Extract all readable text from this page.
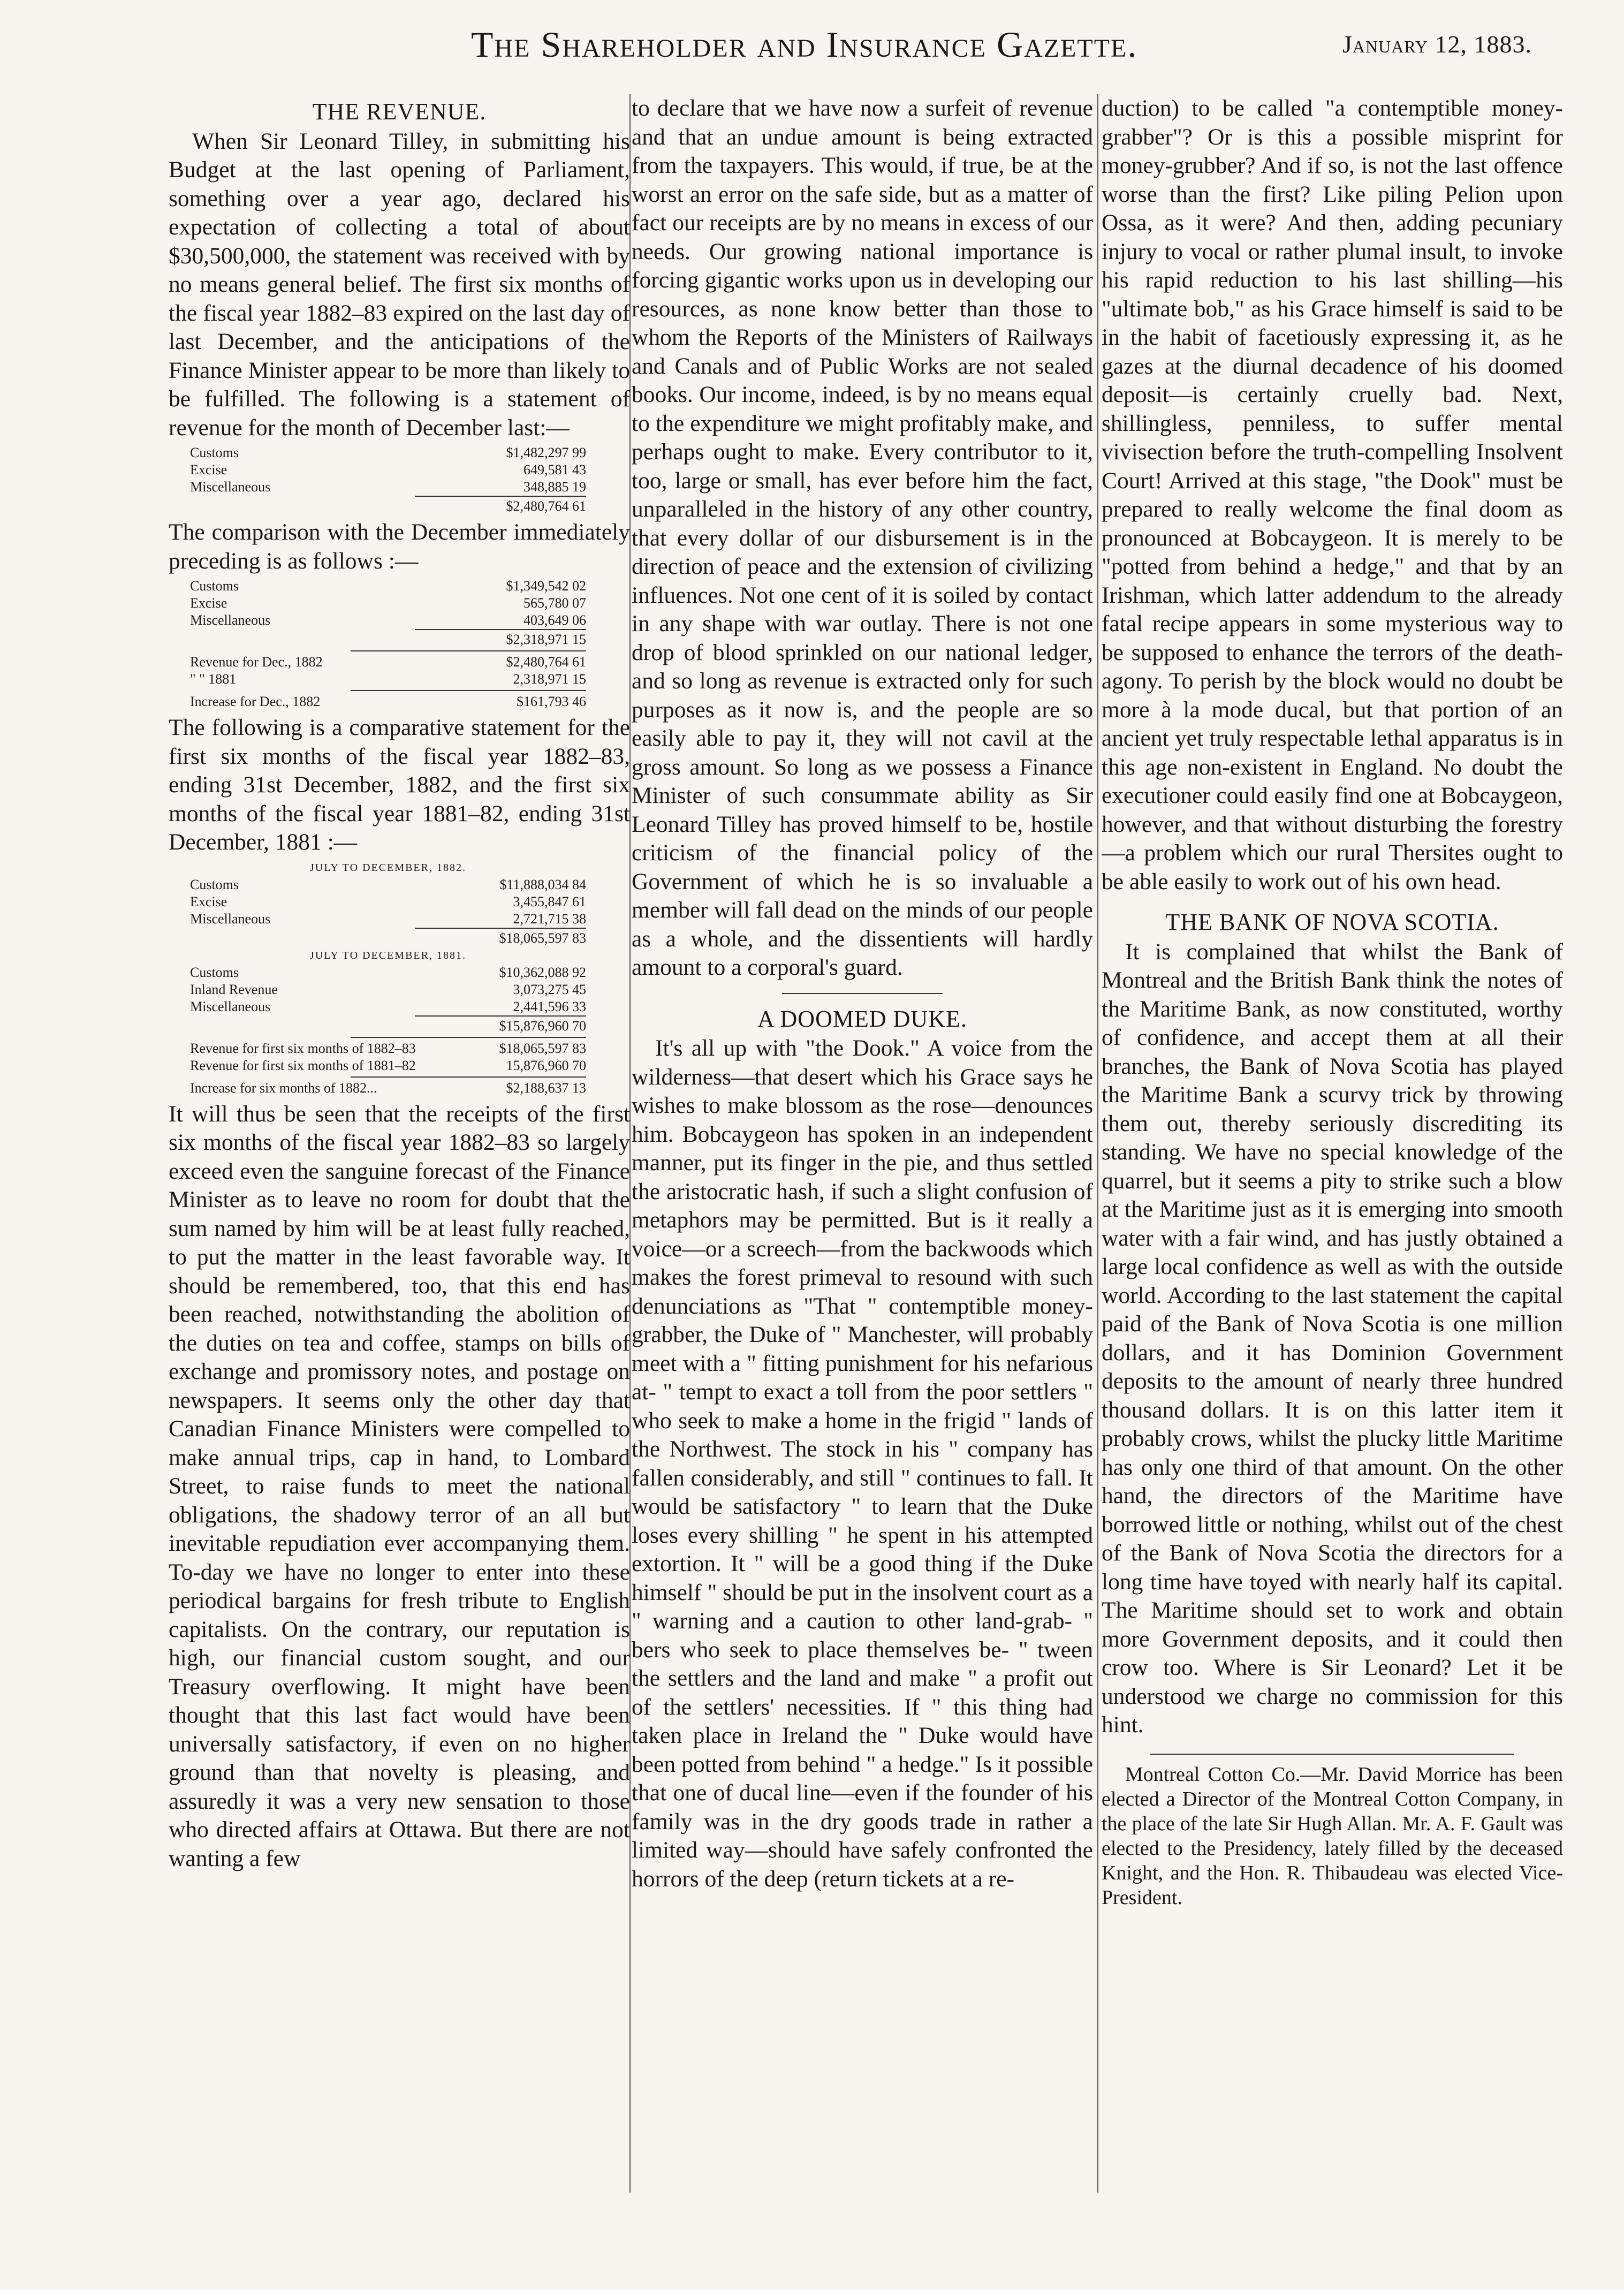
The Shareholder and Insurance Gazette.	January 12, 1883.
THE REVENUE.

When Sir Leonard Tilley, in submitting his Budget at the last opening of Parliament, something over a year ago, declared his expectation of collecting a total of about $30,500,000, the statement was received with by no means general belief. The first six months of the fiscal year 1882–83 expired on the last day of last December, and the anticipations of the Finance Minister appear to be more than likely to be fulfilled. The following is a statement of revenue for the month of December last:—

Customs	$1,482,297 99
Excise	649,581 43
Miscellaneous	348,885 19
$2,480,764 61

The comparison with the December immediately preceding is as follows :—

Customs	$1,349,542 02
Excise	565,780 07
Miscellaneous	403,649 06
$2,318,971 15
Revenue for Dec., 1882	$2,480,764 61
" " 1881	2,318,971 15
Increase for Dec., 1882	$161,793 46

The following is a comparative statement for the first six months of the fiscal year 1882–83, ending 31st December, 1882, and the first six months of the fiscal year 1881–82, ending 31st December, 1881 :—

JULY TO DECEMBER, 1882.
Customs	$11,888,034 84
Excise	3,455,847 61
Miscellaneous	2,721,715 38
$18,065,597 83
JULY TO DECEMBER, 1881.
Customs	$10,362,088 92
Inland Revenue	3,073,275 45
Miscellaneous	2,441,596 33
$15,876,960 70
Revenue for first six months of 1882–83	$18,065,597 83
Revenue for first six months of 1881–82	15,876,960 70
Increase for six months of 1882...	$2,188,637 13

It will thus be seen that the receipts of the first six months of the fiscal year 1882–83 so largely exceed even the sanguine forecast of the Finance Minister as to leave no room for doubt that the sum named by him will be at least fully reached, to put the matter in the least favorable way. It should be remembered, too, that this end has been reached, notwithstanding the abolition of the duties on tea and coffee, stamps on bills of exchange and promissory notes, and postage on newspapers. It seems only the other day that Canadian Finance Ministers were compelled to make annual trips, cap in hand, to Lombard Street, to raise funds to meet the national obligations, the shadowy terror of an all but inevitable repudiation ever accompanying them. To-day we have no longer to enter into these periodical bargains for fresh tribute to English capitalists. On the contrary, our reputation is high, our financial custom sought, and our Treasury overflowing. It might have been thought that this last fact would have been universally satisfactory, if even on no higher ground than that novelty is pleasing, and assuredly it was a very new sensation to those who directed affairs at Ottawa. But there are not wanting a few

to declare that we have now a surfeit of revenue and that an undue amount is being extracted from the taxpayers. This would, if true, be at the worst an error on the safe side, but as a matter of fact our receipts are by no means in excess of our needs. Our growing national importance is forcing gigantic works upon us in developing our resources, as none know better than those to whom the Reports of the Ministers of Railways and Canals and of Public Works are not sealed books. Our income, indeed, is by no means equal to the expenditure we might profitably make, and perhaps ought to make. Every contributor to it, too, large or small, has ever before him the fact, unparalleled in the history of any other country, that every dollar of our disbursement is in the direction of peace and the extension of civilizing influences. Not one cent of it is soiled by contact in any shape with war outlay. There is not one drop of blood sprinkled on our national ledger, and so long as revenue is extracted only for such purposes as it now is, and the people are so easily able to pay it, they will not cavil at the gross amount. So long as we possess a Finance Minister of such consummate ability as Sir Leonard Tilley has proved himself to be, hostile criticism of the financial policy of the Government of which he is so invaluable a member will fall dead on the minds of our people as a whole, and the dissentients will hardly amount to a corporal's guard.

A DOOMED DUKE.

It's all up with "the Dook." A voice from the wilderness—that desert which his Grace says he wishes to make blossom as the rose—denounces him. Bobcaygeon has spoken in an independent manner, put its finger in the pie, and thus settled the aristocratic hash, if such a slight confusion of metaphors may be permitted. But is it really a voice—or a screech—from the backwoods which makes the forest primeval to resound with such denunciations as "That " contemptible money-grabber, the Duke of " Manchester, will probably meet with a " fitting punishment for his nefarious at- " tempt to exact a toll from the poor settlers " who seek to make a home in the frigid " lands of the Northwest. The stock in his " company has fallen considerably, and still " continues to fall. It would be satisfactory " to learn that the Duke loses every shilling " he spent in his attempted extortion. It " will be a good thing if the Duke himself " should be put in the insolvent court as a " warning and a caution to other land-grab- " bers who seek to place themselves be- " tween the settlers and the land and make " a profit out of the settlers' necessities. If " this thing had taken place in Ireland the " Duke would have been potted from behind " a hedge." Is it possible that one of ducal line—even if the founder of his family was in the dry goods trade in rather a limited way—should have safely confronted the horrors of the deep (return tickets at a re-

duction) to be called "a contemptible money-grabber"? Or is this a possible misprint for money-grubber? And if so, is not the last offence worse than the first? Like piling Pelion upon Ossa, as it were? And then, adding pecuniary injury to vocal or rather plumal insult, to invoke his rapid reduction to his last shilling—his "ultimate bob," as his Grace himself is said to be in the habit of facetiously expressing it, as he gazes at the diurnal decadence of his doomed deposit—is certainly cruelly bad. Next, shillingless, penniless, to suffer mental vivisection before the truth-compelling Insolvent Court! Arrived at this stage, "the Dook" must be prepared to really welcome the final doom as pronounced at Bobcaygeon. It is merely to be "potted from behind a hedge," and that by an Irishman, which latter addendum to the already fatal recipe appears in some mysterious way to be supposed to enhance the terrors of the death-agony. To perish by the block would no doubt be more à la mode ducal, but that portion of an ancient yet truly respectable lethal apparatus is in this age non-existent in England. No doubt the executioner could easily find one at Bobcaygeon, however, and that without disturbing the forestry—a problem which our rural Thersites ought to be able easily to work out of his own head.

THE BANK OF NOVA SCOTIA.

It is complained that whilst the Bank of Montreal and the British Bank think the notes of the Maritime Bank, as now constituted, worthy of confidence, and accept them at all their branches, the Bank of Nova Scotia has played the Maritime Bank a scurvy trick by throwing them out, thereby seriously discrediting its standing. We have no special knowledge of the quarrel, but it seems a pity to strike such a blow at the Maritime just as it is emerging into smooth water with a fair wind, and has justly obtained a large local confidence as well as with the outside world. According to the last statement the capital paid of the Bank of Nova Scotia is one million dollars, and it has Dominion Government deposits to the amount of nearly three hundred thousand dollars. It is on this latter item it probably crows, whilst the plucky little Maritime has only one third of that amount. On the other hand, the directors of the Maritime have borrowed little or nothing, whilst out of the chest of the Bank of Nova Scotia the directors for a long time have toyed with nearly half its capital. The Maritime should set to work and obtain more Government deposits, and it could then crow too. Where is Sir Leonard? Let it be understood we charge no commission for this hint.

Montreal Cotton Co.—Mr. David Morrice has been elected a Director of the Montreal Cotton Company, in the place of the late Sir Hugh Allan. Mr. A. F. Gault was elected to the Presidency, lately filled by the deceased Knight, and the Hon. R. Thibaudeau was elected Vice-President.
